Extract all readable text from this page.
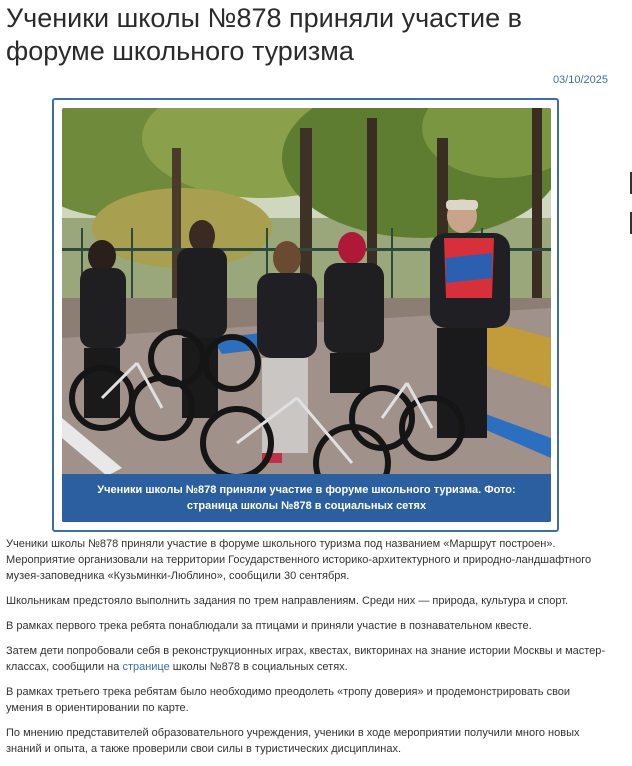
Ученики школы №878 приняли участие в форуме школьного туризма
03/10/2025
Ученики школы №878 приняли участие в форуме школьного туризма. Фото: страница школы №878 в социальных сетях

Ученики школы №878 приняли участие в форуме школьного туризма под названием «Маршрут построен». Мероприятие организовали на территории Государственного историко-архитектурного и природно-ландшафтного музея-заповедника «Кузьминки-Люблино», сообщили 30 сентября.

Школьникам предстояло выполнить задания по трем направлениям. Среди них — природа, культура и спорт.

В рамках первого трека ребята понаблюдали за птицами и приняли участие в познавательном квесте.

Затем дети попробовали себя в реконструкционных играх, квестах, викторинах на знание истории Москвы и мастер-классах, сообщили на странице школы №878 в социальных сетях.

В рамках третьего трека ребятам было необходимо преодолеть «тропу доверия» и продемонстрировать свои умения в ориентировании по карте.

По мнению представителей образовательного учреждения, ученики в ходе мероприятии получили много новых знаний и опыта, а также проверили свои силы в туристических дисциплинах.
